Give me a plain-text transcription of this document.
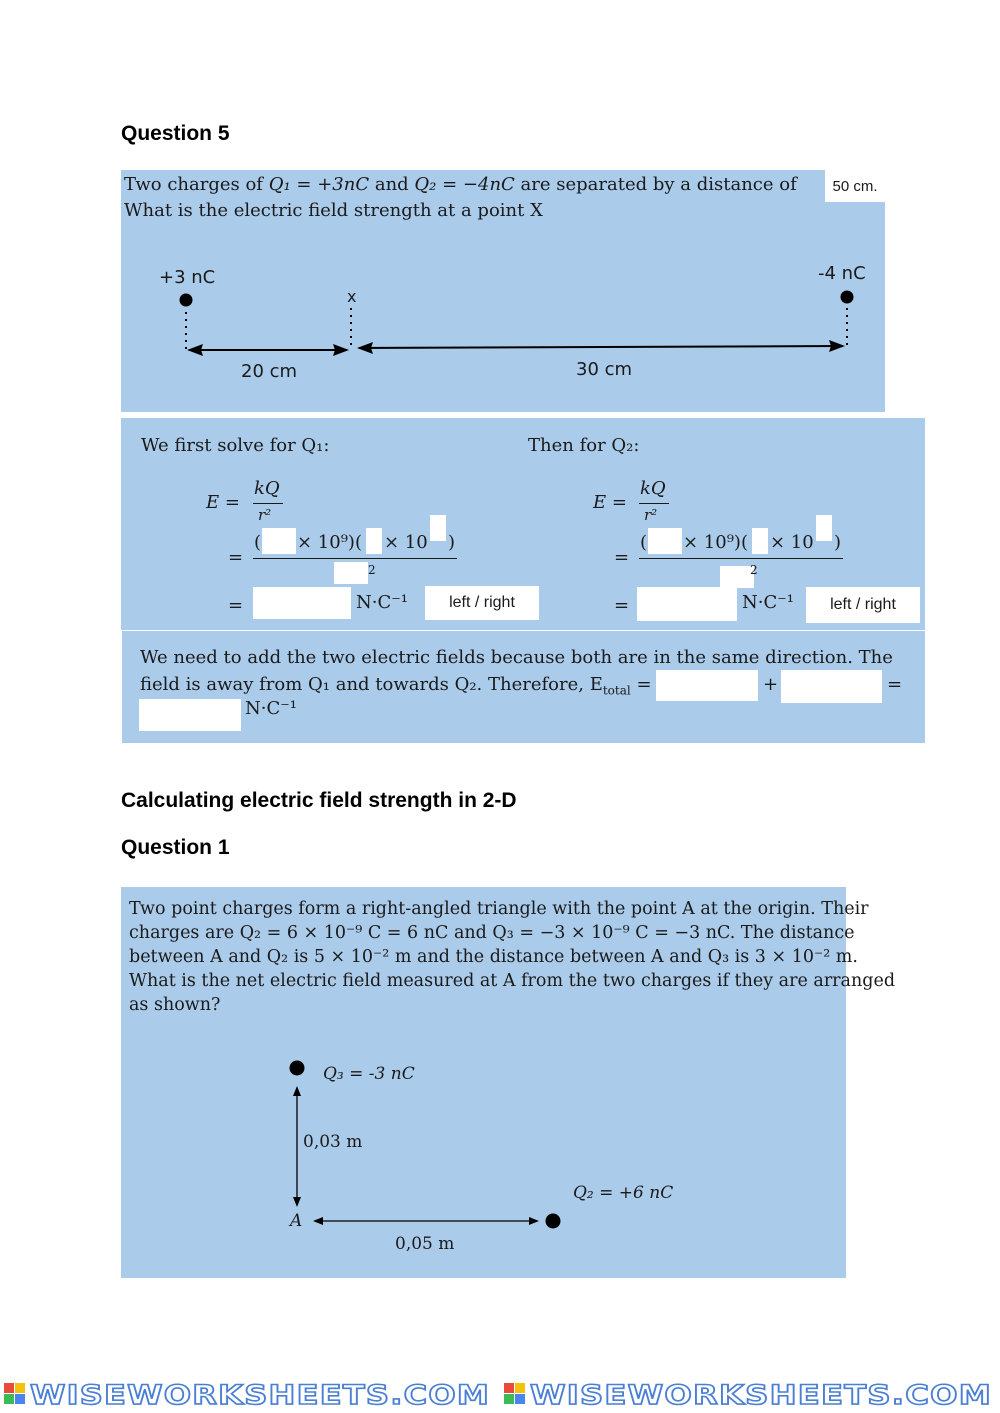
Question 5
Two charges of Q₁ = +3nC and Q₂ = −4nC are separated by a distance of	50 cm.
What is the electric field strength at a point X
+3 nC	-4 nC
x
20 cm	30 cm
We first solve for Q₁:	Then for Q₂:
E =
kQ
r²
=
( × 10⁹)( × 10 )
2
=	N·C⁻¹	left / right
E =
kQ
r²
=
( × 10⁹)( × 10 )
2
=	N·C⁻¹	left / right
We need to add the two electric fields because both are in the same direction. The
field is away from Q₁ and towards Q₂. Therefore, $E_{total}$ =	+	=
N·C⁻¹
Calculating electric field strength in 2-D
Question 1
Two point charges form a right-angled triangle with the point A at the origin. Their
charges are Q₂ = 6 × 10⁻⁹ C = 6 nC and Q₃ = −3 × 10⁻⁹ C = −3 nC. The distance
between A and Q₂ is 5 × 10⁻² m and the distance between A and Q₃ is 3 × 10⁻² m.
What is the net electric field measured at A from the two charges if they are arranged
as shown?
Q₃ = -3 nC
Q₂ = +6 nC
A
0,03 m
0,05 m
WISEWORKSHEETS.COM WISEWORKSHEETS.COM
